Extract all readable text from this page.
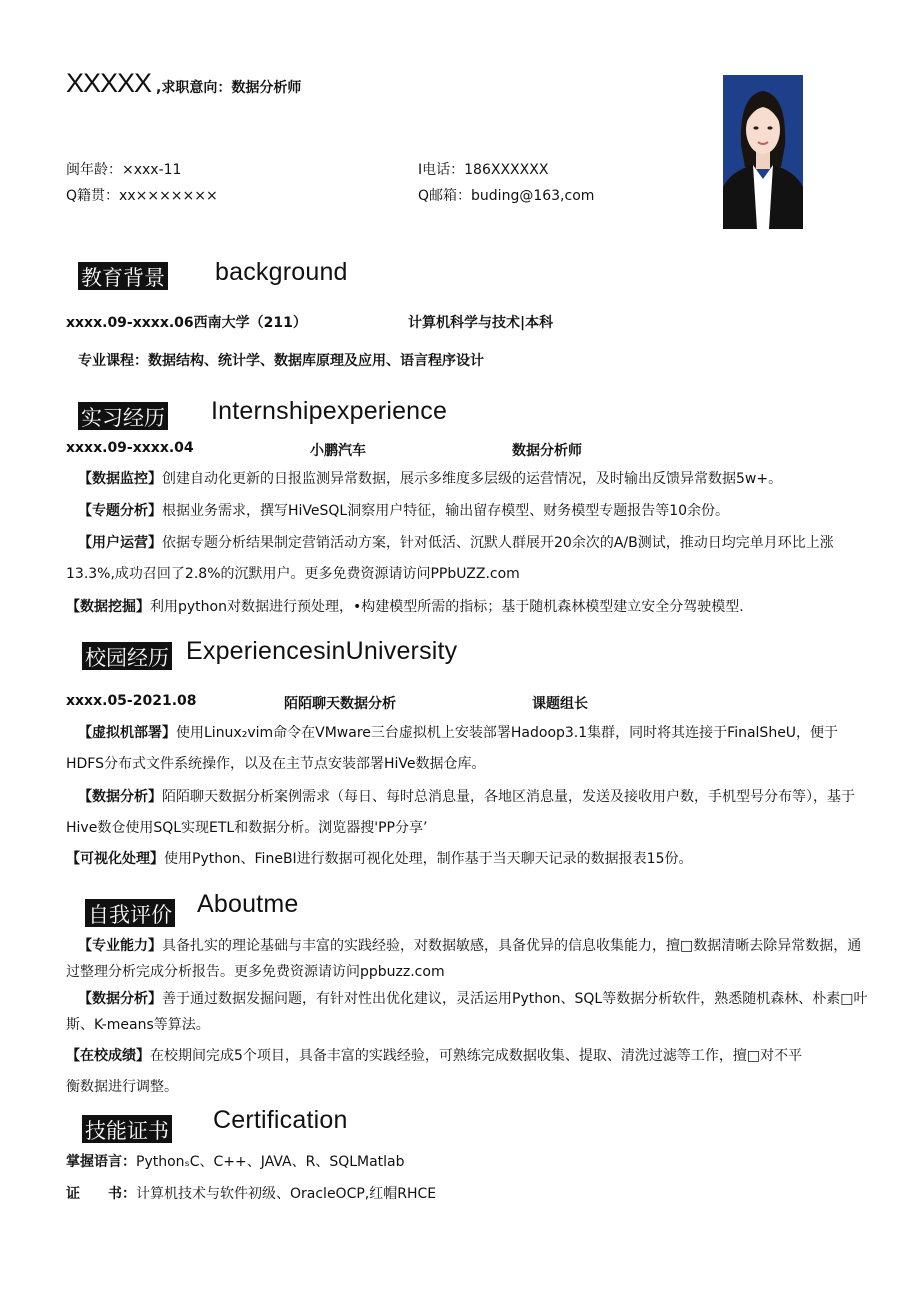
XXXXX ,求职意向：数据分析师
闽年龄：×xxx-11	I电话：186XXXXXX
Q籍贯：xx×××××××	Q邮箱：buding@163,com
教育背景 background
xxxx.09-xxxx.06西南大学（211）	计算机科学与技术|本科
专业课程：数据结构、统计学、数据库原理及应用、语言程序设计
实习经历 Internshipexperience
xxxx.09-xxxx.04	小鹏汽车	数据分析师
【数据监控】创建自动化更新的日报监测异常数据，展示多维度多层级的运营情况，及时输出反馈异常数据5w+。
【专题分析】根据业务需求，撰写HiVeSQL洞察用户特征，输出留存模型、财务模型专题报告等10余份。
【用户运营】依据专题分析结果制定营销活动方案，针对低活、沉默人群展开20余次的A/B测试，推动日均完单月环比上涨13.3%,成功召回了2.8%的沉默用户。更多免费资源请访问PPbUZZ.com
【数据挖掘】利用python对数据进行预处理，•构建模型所需的指标；基于随机森林模型建立安全分驾驶模型.
校园经历 ExperiencesinUniversity
xxxx.05-2021.08	陌陌聊天数据分析	课题组长
【虚拟机部署】使用Linux₂vim命令在VMware三台虚拟机上安装部署Hadoop3.1集群，同时将其连接于FinalSheU，便于HDFS分布式文件系统操作，以及在主节点安装部署HiVe数据仓库。
【数据分析】陌陌聊天数据分析案例需求（每日、每时总消息量，各地区消息量，发送及接收用户数，手机型号分布等），基于Hive数仓使用SQL实现ETL和数据分析。浏览器搜'PP分享’
【可视化处理】使用Python、FineBI进行数据可视化处理，制作基于当天聊天记录的数据报表15份。
自我评价 Aboutme
【专业能力】具备扎实的理论基础与丰富的实践经验，对数据敏感，具备优异的信息收集能力，擅□数据清晰去除异常数据，通过整理分析完成分析报告。更多免费资源请访问ppbuzz.com
【数据分析】善于通过数据发掘问题，有针对性出优化建议，灵活运用Python、SQL等数据分析软件，熟悉随机森林、朴素□叶斯、K-means等算法。
【在校成绩】在校期间完成5个项目，具备丰富的实践经验，可熟练完成数据收集、提取、清洗过滤等工作，擅□对不平衡数据进行调整。
技能证书 Certification
掌握语言：PythonₛC、C++、JAVA、R、SQLMatlab
证　　书：计算机技术与软件初级、OracleOCP,红帽RHCE
